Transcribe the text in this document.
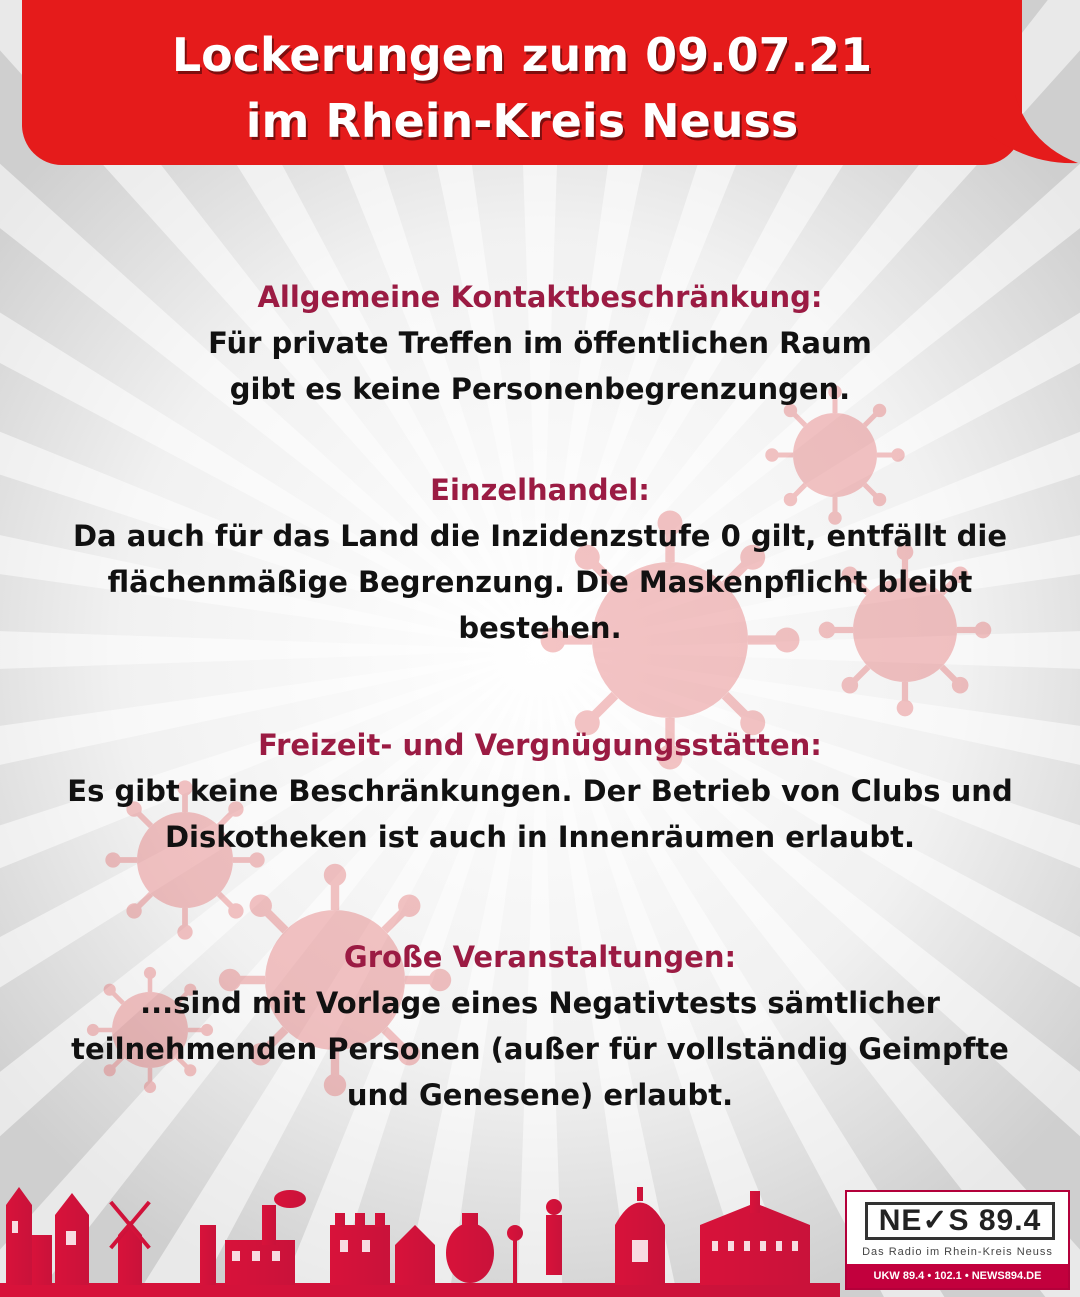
Lockerungen zum 09.07.21
im Rhein-Kreis Neuss
Allgemeine Kontaktbeschränkung:

Für private Treffen im öffentlichen Raum

gibt es keine Personenbegrenzungen.

Einzelhandel:

Da auch für das Land die Inzidenzstufe 0 gilt, entfällt die

flächenmäßige Begrenzung. Die Maskenpflicht bleibt

bestehen.

Freizeit- und Vergnügungsstätten:

Es gibt keine Beschränkungen. Der Betrieb von Clubs und

Diskotheken ist auch in Innenräumen erlaubt.

Große Veranstaltungen:

...sind mit Vorlage eines Negativtests sämtlicher

teilnehmenden Personen (außer für vollständig Geimpfte

und Genesene) erlaubt.

NE✓S 89.4
Das Radio im Rhein-Kreis Neuss
UKW 89.4 • 102.1 • NEWS894.DE
